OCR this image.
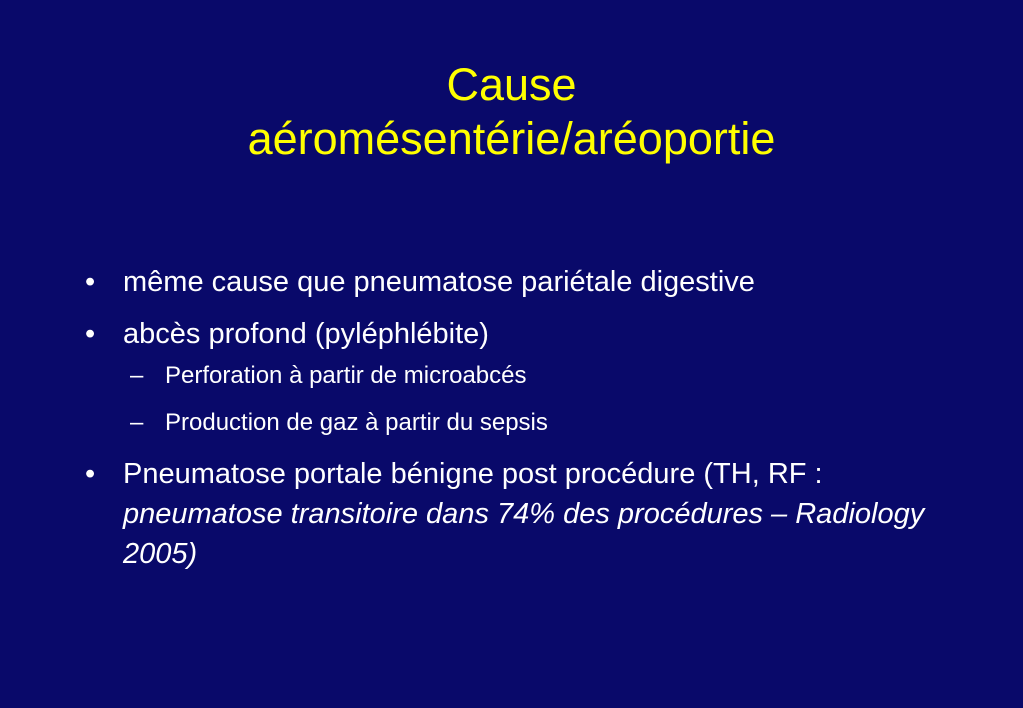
Cause
aéromésentérie/aréoportie
• même cause que pneumatose pariétale digestive
• abcès profond (pyléphlébite)
– Perforation à partir de microabcés
– Production de gaz à partir du sepsis
• Pneumatose portale bénigne post procédure (TH, RF : pneumatose transitoire dans 74% des procédures – Radiology 2005)
